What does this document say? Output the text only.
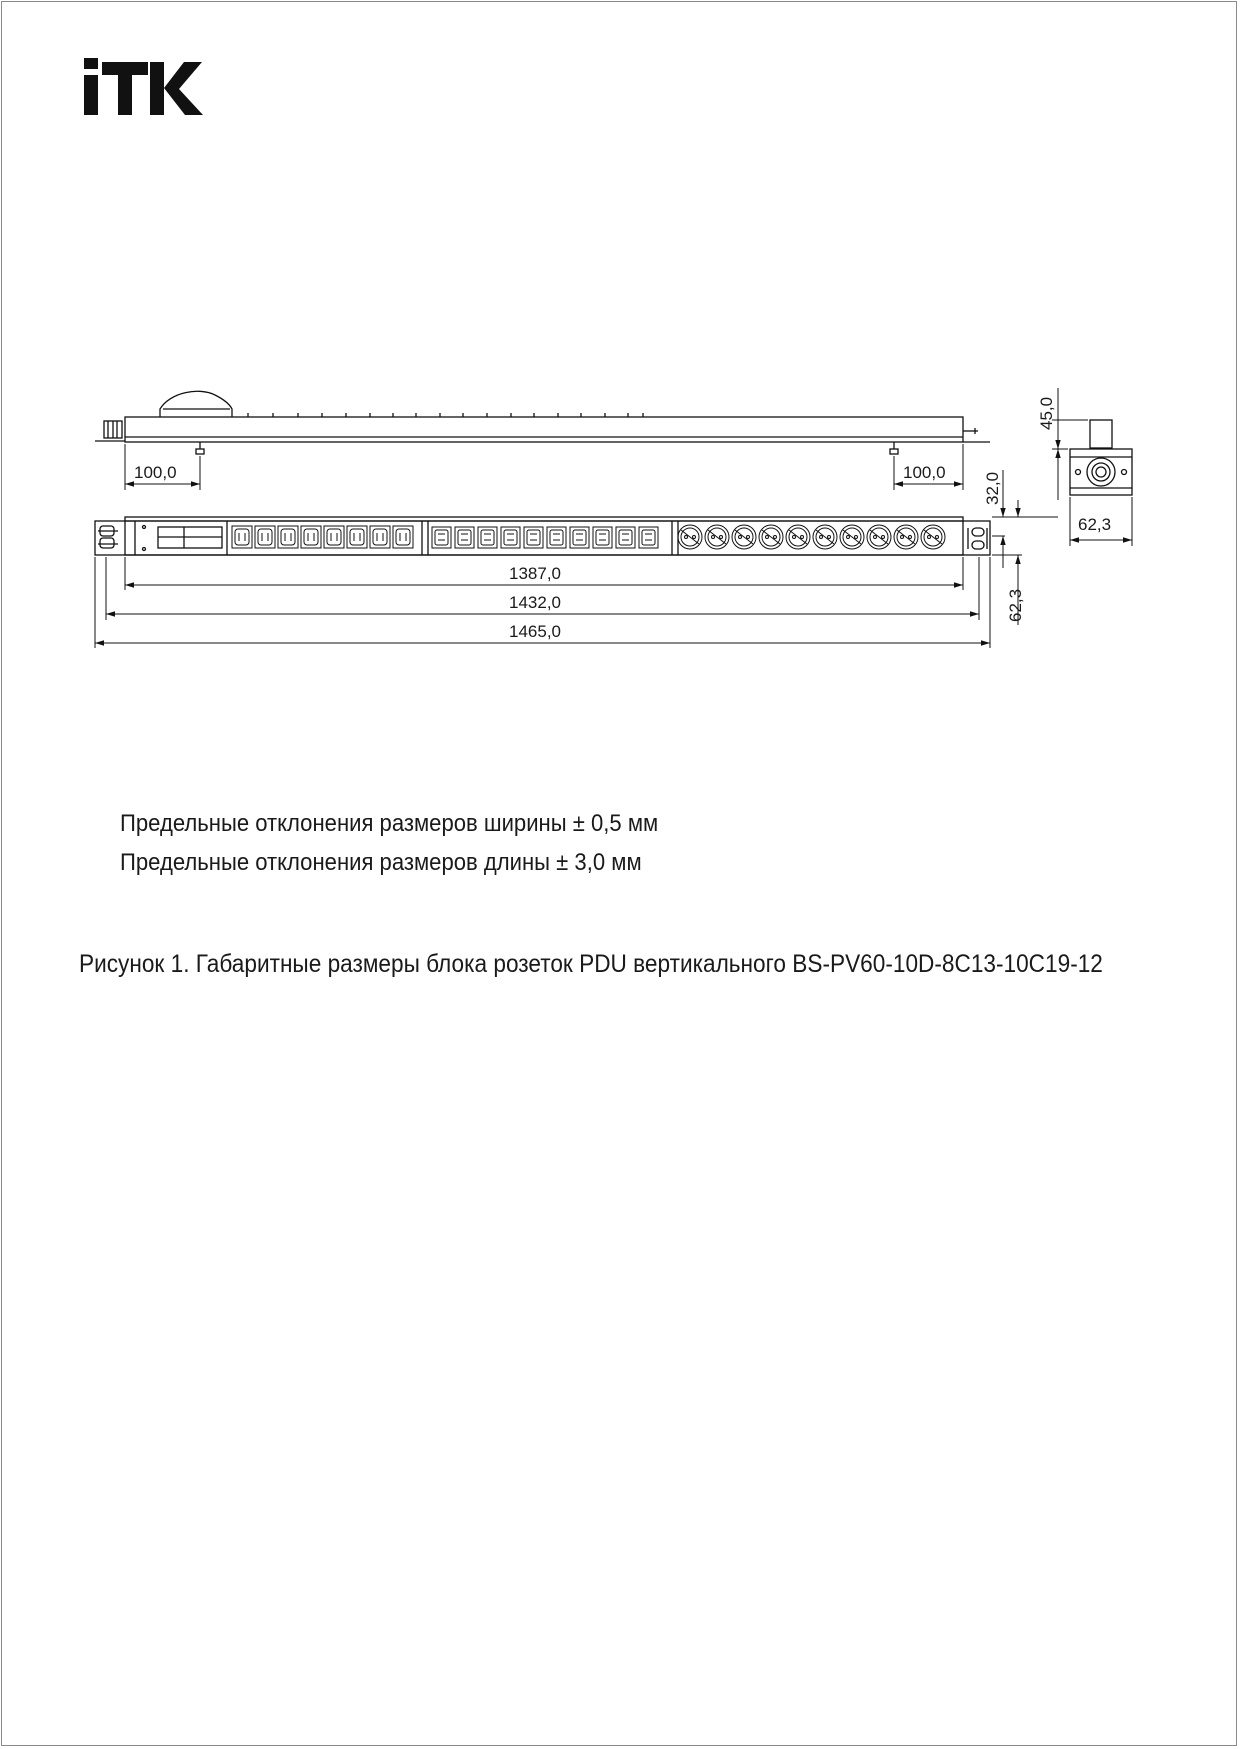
100,0	100,0
1387,0
1432,0
1465,0
62,3
32,0
62,3
45,0
Предельные отклонения размеров ширины ± 0,5 мм
Предельные отклонения размеров длины ± 3,0 мм
Рисунок 1. Габаритные размеры блока розеток PDU вертикального BS-PV60-10D-8C13-10C19-12
